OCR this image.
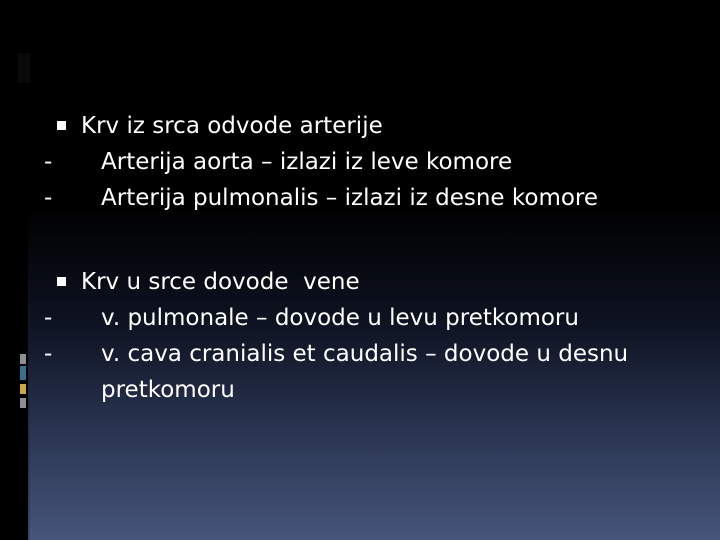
Krv iz srca odvode arterije
-	Arterija aorta – izlazi iz leve komore
-	Arterija pulmonalis – izlazi iz desne komore
Krv u srce dovode  vene
-	v. pulmonale – dovode u levu pretkomoru
-	v. cava cranialis et caudalis – dovode u desnu pretkomoru
